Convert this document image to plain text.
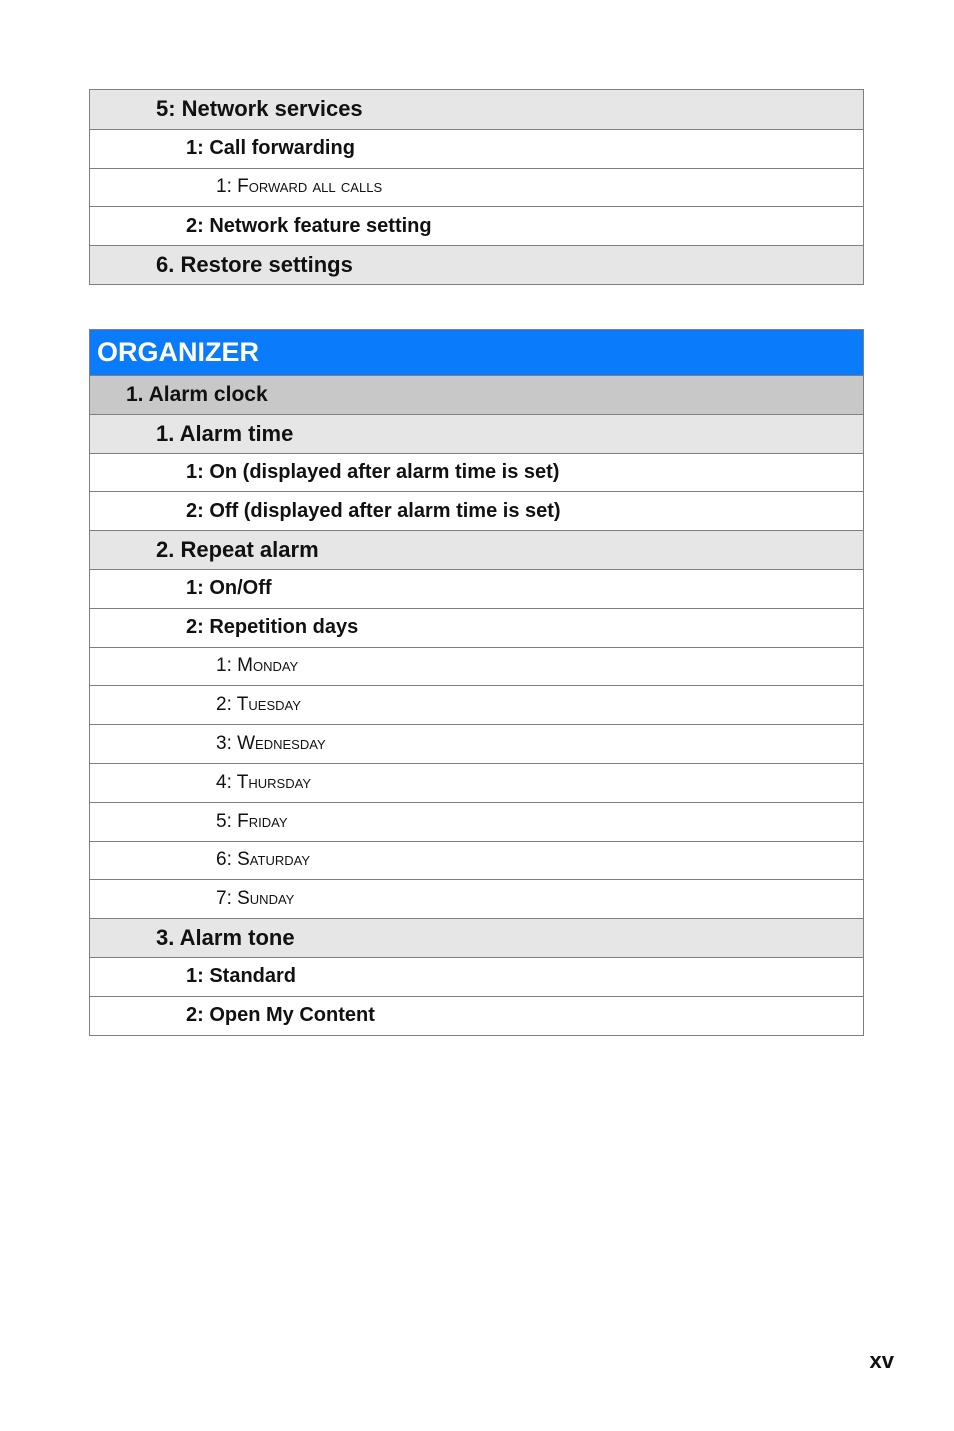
5: Network services
1: Call forwarding
1: Forward all calls
2: Network feature setting
6. Restore settings
ORGANIZER
1. Alarm clock
1. Alarm time
1: On (displayed after alarm time is set)
2: Off (displayed after alarm time is set)
2. Repeat alarm
1: On/Off
2: Repetition days
1: Monday
2: Tuesday
3: Wednesday
4: Thursday
5: Friday
6: Saturday
7: Sunday
3. Alarm tone
1: Standard
2: Open My Content
xv
